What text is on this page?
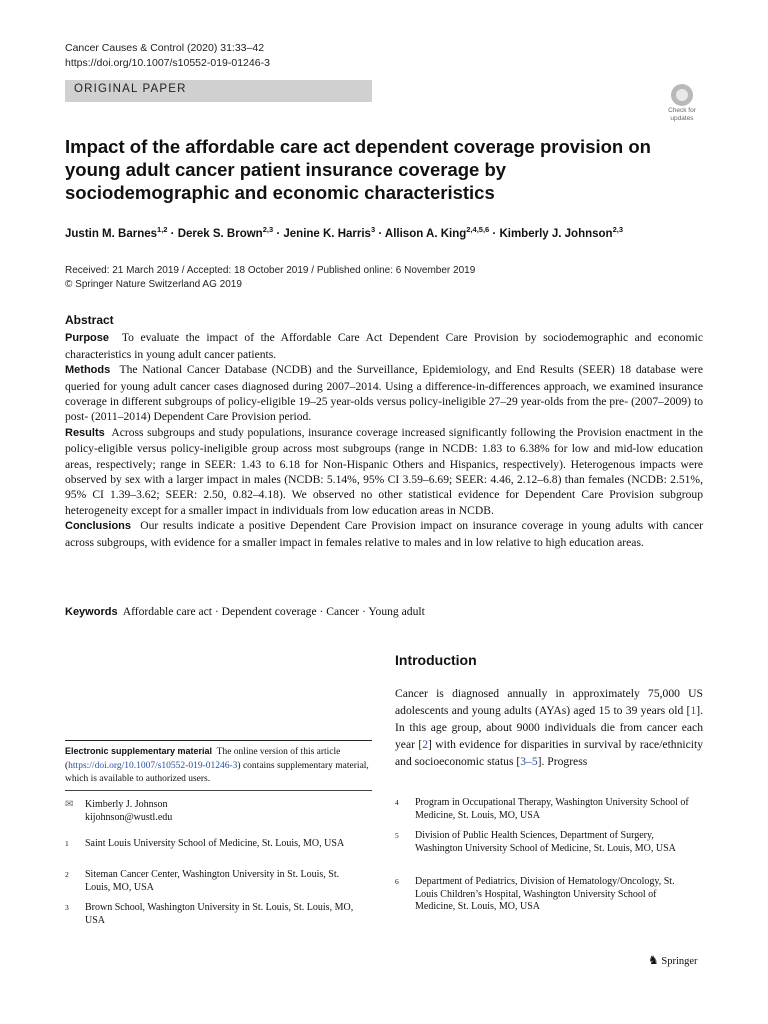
Cancer Causes & Control (2020) 31:33–42
https://doi.org/10.1007/s10552-019-01246-3
ORIGINAL PAPER
Check for
updates
Impact of the affordable care act dependent coverage provision on young adult cancer patient insurance coverage by sociodemographic and economic characteristics
Justin M. Barnes$^{1,2}$ · Derek S. Brown$^{2,3}$ · Jenine K. Harris$^3$ · Allison A. King$^{2,4,5,6}$ · Kimberly J. Johnson$^{2,3}$
Received: 21 March 2019 / Accepted: 18 October 2019 / Published online: 6 November 2019
© Springer Nature Switzerland AG 2019
Abstract

Purpose To evaluate the impact of the Affordable Care Act Dependent Care Provision by sociodemographic and economic characteristics in young adult cancer patients.

Methods The National Cancer Database (NCDB) and the Surveillance, Epidemiology, and End Results (SEER) 18 database were queried for young adult cancer cases diagnosed during 2007–2014. Using a difference-in-differences approach, we examined insurance coverage in different subgroups of policy-eligible 19–25 year-olds versus policy-ineligible 27–29 year-olds from the pre- (2007–2009) to post- (2011–2014) Dependent Care Provision period.

Results Across subgroups and study populations, insurance coverage increased significantly following the Provision enactment in the policy-eligible versus policy-ineligible group across most subgroups (range in NCDB: 1.83 to 6.38% for low and mid-low education areas, respectively; range in SEER: 1.43 to 6.18 for Non-Hispanic Others and Hispanics, respectively). Heterogenous impacts were observed by sex with a larger impact in males (NCDB: 5.14%, 95% CI 3.59–6.69; SEER: 4.46, 2.12–6.8) than females (NCDB: 2.51%, 95% CI 1.39–3.62; SEER: 2.50, 0.82–4.18). We observed no other statistical evidence for Dependent Care Provision subgroup heterogeneity except for a smaller impact in individuals from low education areas in NCDB.

Conclusions Our results indicate a positive Dependent Care Provision impact on insurance coverage in young adults with cancer across subgroups, with evidence for a smaller impact in females relative to males and in low relative to high education areas.

Keywords Affordable care act · Dependent coverage · Cancer · Young adult
Introduction
Cancer is diagnosed annually in approximately 75,000 US adolescents and young adults (AYAs) aged 15 to 39 years old [1]. In this age group, about 9000 individuals die from cancer each year [2] with evidence for disparities in survival by race/ethnicity and socioeconomic status [3–5]. Progress
Electronic supplementary material The online version of this article (https://doi.org/10.1007/s10552-019-01246-3) contains supplementary material, which is available to authorized users.
✉ Kimberly J. Johnson
kijohnson@wustl.edu
1 Saint Louis University School of Medicine, St. Louis, MO, USA
2 Siteman Cancer Center, Washington University in St. Louis, St. Louis, MO, USA
3 Brown School, Washington University in St. Louis, St. Louis, MO, USA
4 Program in Occupational Therapy, Washington University School of Medicine, St. Louis, MO, USA
5 Division of Public Health Sciences, Department of Surgery, Washington University School of Medicine, St. Louis, MO, USA
6 Department of Pediatrics, Division of Hematology/Oncology, St. Louis Children’s Hospital, Washington University School of Medicine, St. Louis, MO, USA
♞ Springer
